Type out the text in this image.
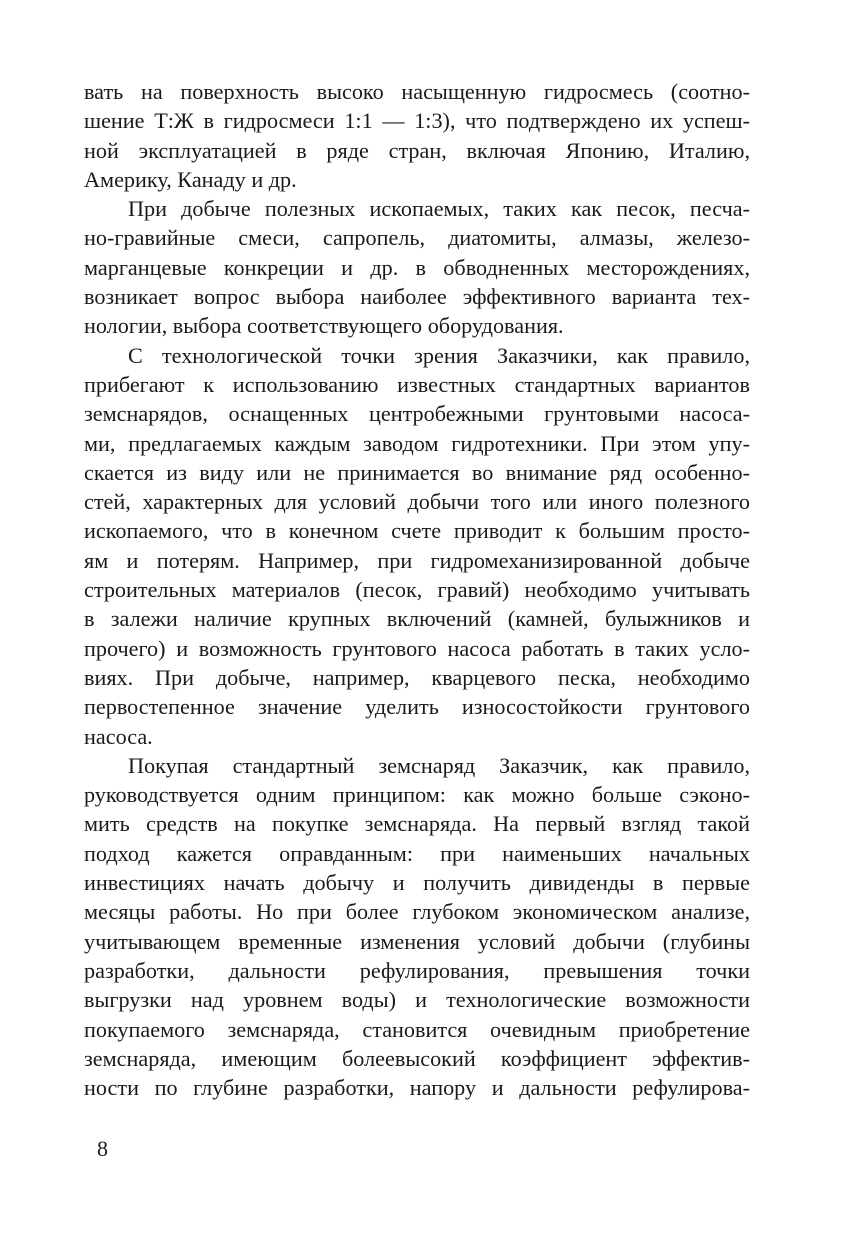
вать на поверхность высоко насыщенную гидросмесь (соотно-
шение Т:Ж в гидросмеси 1:1 — 1:3), что подтверждено их успеш-
ной эксплуатацией в ряде стран, включая Японию, Италию,
Америку, Канаду и др.

При добыче полезных ископаемых, таких как песок, песча-
но-гравийные смеси, сапропель, диатомиты, алмазы, железо-
марганцевые конкреции и др. в обводненных месторождениях,
возникает вопрос выбора наиболее эффективного варианта тех-
нологии, выбора соответствующего оборудования.

С технологической точки зрения Заказчики, как правило,
прибегают к использованию известных стандартных вариантов
земснарядов, оснащенных центробежными грунтовыми насоса-
ми, предлагаемых каждым заводом гидротехники. При этом упу-
скается из виду или не принимается во внимание ряд особенно-
стей, характерных для условий добычи того или иного полезного
ископаемого, что в конечном счете приводит к большим просто-
ям и потерям. Например, при гидромеханизированной добыче
строительных материалов (песок, гравий) необходимо учитывать
в залежи наличие крупных включений (камней, булыжников и
прочего) и возможность грунтового насоса работать в таких усло-
виях. При добыче, например, кварцевого песка, необходимо
первостепенное значение уделить износостойкости грунтового
насоса.

Покупая стандартный земснаряд Заказчик, как правило,
руководствуется одним принципом: как можно больше сэконо-
мить средств на покупке земснаряда. На первый взгляд такой
подход кажется оправданным: при наименьших начальных
инвестициях начать добычу и получить дивиденды в первые
месяцы работы. Но при более глубоком экономическом анализе,
учитывающем временные изменения условий добычи (глубины
разработки, дальности рефулирования, превышения точки
выгрузки над уровнем воды) и технологические возможности
покупаемого земснаряда, становится очевидным приобретение
земснаряда, имеющим болеевысокий коэффициент эффектив-
ности по глубине разработки, напору и дальности рефулирова-

8
